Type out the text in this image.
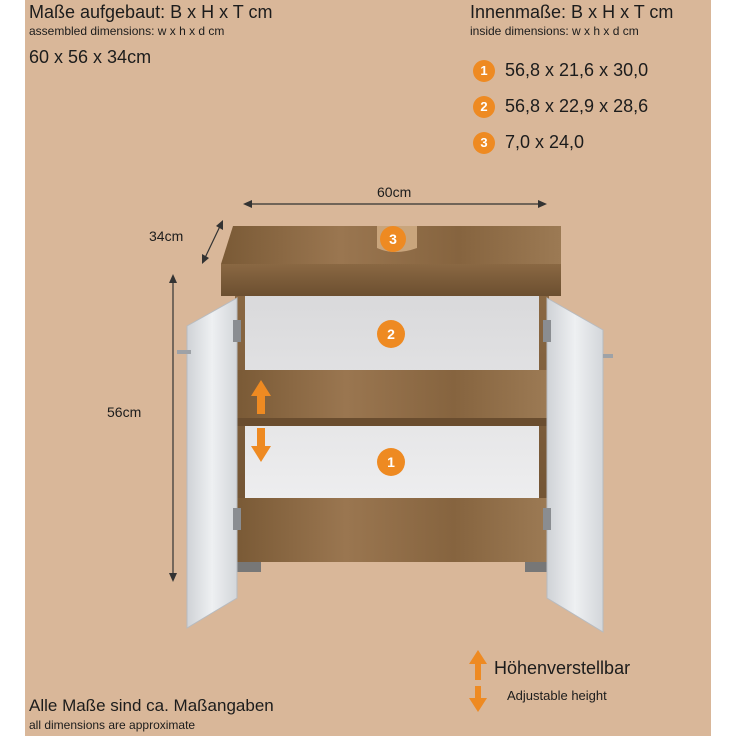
Maße aufgebaut: B x H x T cm
assembled dimensions: w x h x d cm
60 x 56 x 34cm
Innenmaße: B x H x T cm
inside dimensions: w x h x d cm
1 56,8 x 21,6 x 30,0
2 56,8 x 22,9 x 28,6
3 7,0 x 24,0
60cm
34cm
56cm
3
2
1
Höhenverstellbar
Adjustable height
Alle Maße sind ca. Maßangaben
all dimensions are approximate
